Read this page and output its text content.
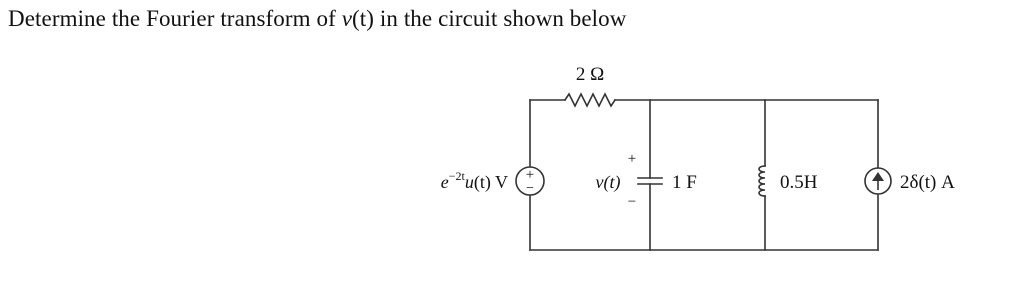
Determine the Fourier transform of v(t) in the circuit shown below
+
−
2 Ω
$e^{-2t}u(t)$ V
+
v(t)
−
1 F	0.5H	2δ(t) A
